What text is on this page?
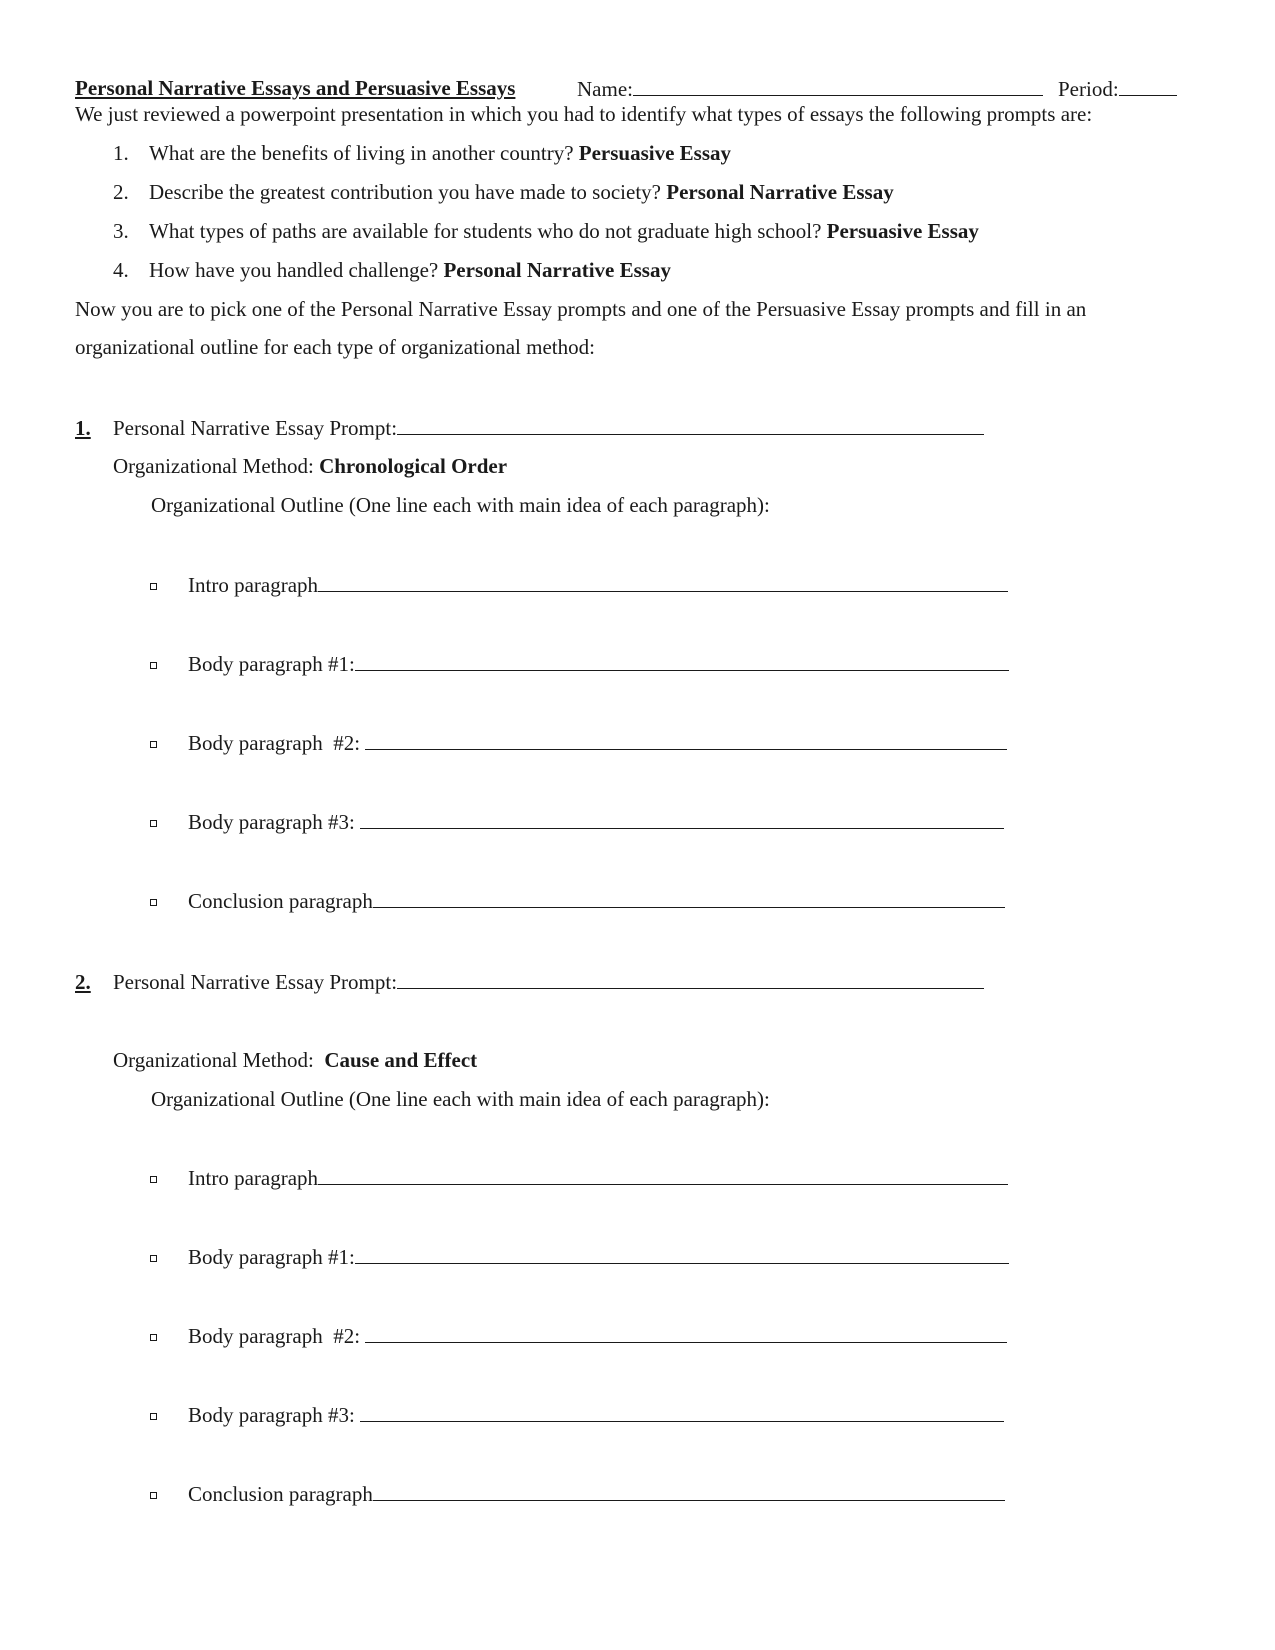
Personal Narrative Essays and Persuasive Essays	Name:	Period:
We just reviewed a powerpoint presentation in which you had to identify what types of essays the following prompts are:
1. What are the benefits of living in another country? Persuasive Essay
2. Describe the greatest contribution you have made to society? Personal Narrative Essay
3. What types of paths are available for students who do not graduate high school? Persuasive Essay
4. How have you handled challenge? Personal Narrative Essay
Now you are to pick one of the Personal Narrative Essay prompts and one of the Persuasive Essay prompts and fill in an
organizational outline for each type of organizational method:
1. Personal Narrative Essay Prompt:
Organizational Method: Chronological Order
Organizational Outline (One line each with main idea of each paragraph):
Intro paragraph
Body paragraph #1:
Body paragraph  #2:
Body paragraph #3:
Conclusion paragraph
2. Personal Narrative Essay Prompt:
Organizational Method: Cause and Effect
Organizational Outline (One line each with main idea of each paragraph):
Intro paragraph
Body paragraph #1:
Body paragraph  #2:
Body paragraph #3:
Conclusion paragraph
